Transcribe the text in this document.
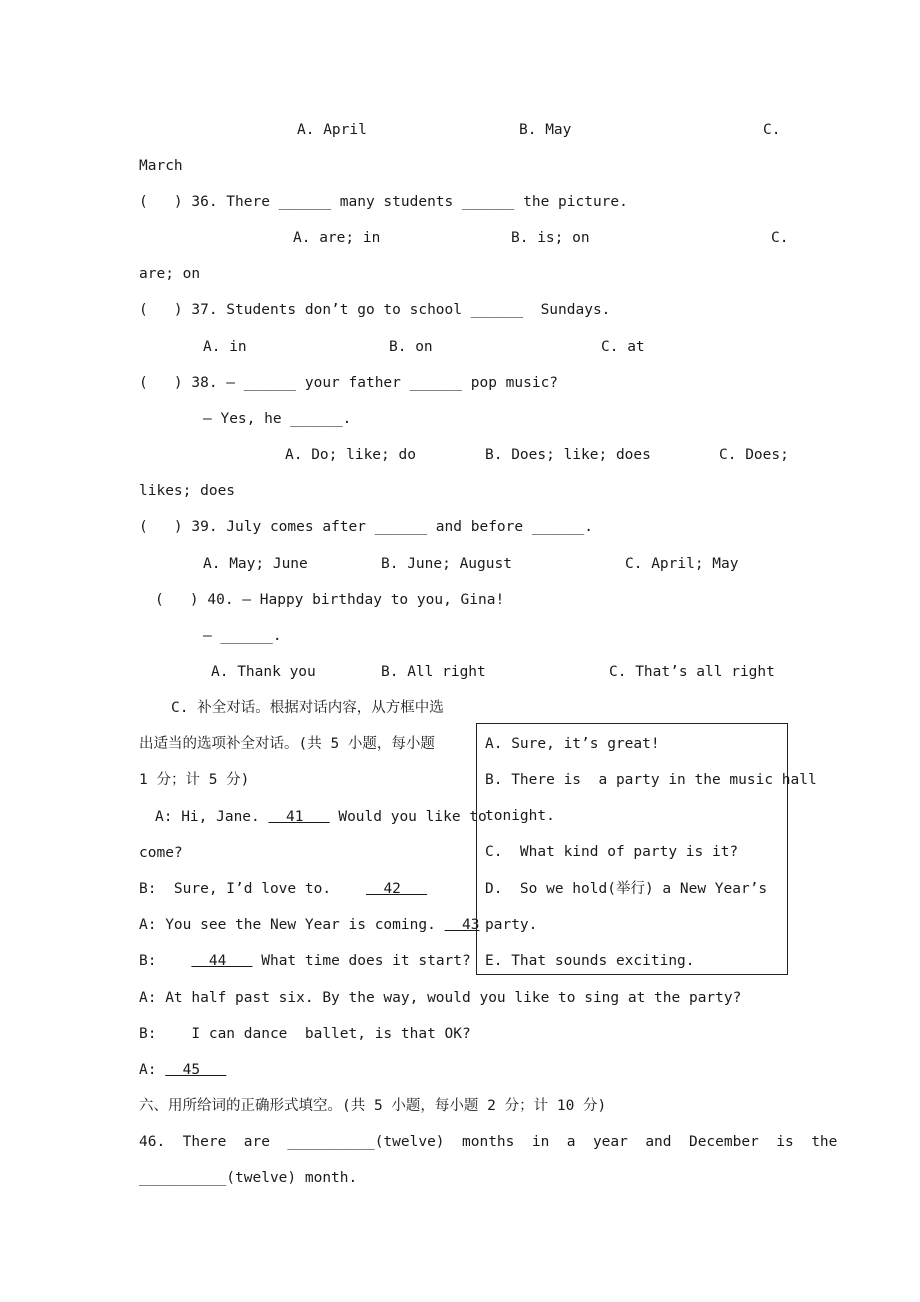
A. April	B. May	C.
March
(   ) 36. There ______ many students ______ the picture.
A. are; in	B. is; on	C.
are; on
(   ) 37. Students don’t go to school ______  Sundays.
A. in	B. on	C. at
(   ) 38. — ______ your father ______ pop music?
— Yes, he ______.
A. Do; like; do	B. Does; like; does	C. Does;
likes; does
(   ) 39. July comes after ______ and before ______.
A. May; June	B. June; August	C. April; May
(   ) 40. — Happy birthday to you, Gina!
— ______.
A. Thank you	B. All right	C. That’s all right
C. 补全对话。根据对话内容，从方框中选
出适当的选项补全对话。(共 5 小题，每小题
1 分；计 5 分)
A: Hi, Jane.   41    Would you like to
come?
B:  Sure, I’d love to.      42
A: You see the New Year is coming.   43
B:      44    What time does it start?
A: At half past six. By the way, would you like to sing at the party?
B:    I can dance  ballet, is that OK?
A:   45
A. Sure, it’s great!
B. There is  a party in the music hall
tonight.
C.  What kind of party is it?
D.  So we hold(举行) a New Year’s
party.
E. That sounds exciting.
六、用所给词的正确形式填空。(共 5 小题，每小题 2 分；计 10 分)
46.  There  are  __________(twelve)  months  in  a  year  and  December  is  the
__________(twelve) month.
